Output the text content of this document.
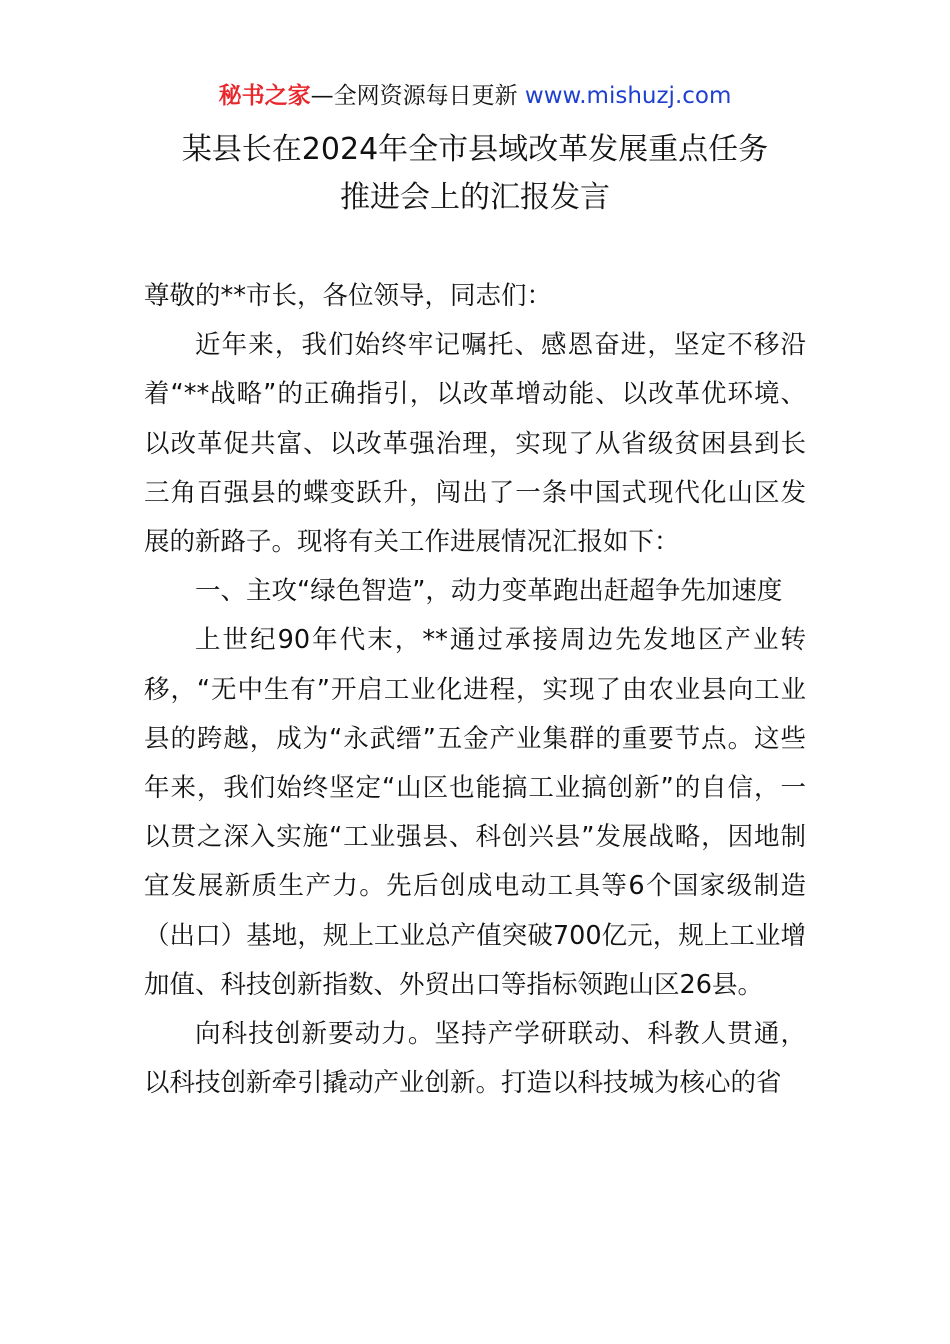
秘书之家—全网资源每日更新 www.mishuzj.com
某县长在2024年全市县域改革发展重点任务
推进会上的汇报发言

尊敬的**市长，各位领导，同志们：

近年来，我们始终牢记嘱托、感恩奋进，坚定不移沿着“**战略”的正确指引，以改革增动能、以改革优环境、以改革促共富、以改革强治理，实现了从省级贫困县到长三角百强县的蝶变跃升，闯出了一条中国式现代化山区发展的新路子。现将有关工作进展情况汇报如下：

一、主攻“绿色智造”，动力变革跑出赶超争先加速度

上世纪90年代末，**通过承接周边先发地区产业转移，“无中生有”开启工业化进程，实现了由农业县向工业县的跨越，成为“永武缙”五金产业集群的重要节点。这些年来，我们始终坚定“山区也能搞工业搞创新”的自信，一以贯之深入实施“工业强县、科创兴县”发展战略，因地制宜发展新质生产力。先后创成电动工具等6个国家级制造（出口）基地，规上工业总产值突破700亿元，规上工业增加值、科技创新指数、外贸出口等指标领跑山区26县。

向科技创新要动力。坚持产学研联动、科教人贯通，以科技创新牵引撬动产业创新。打造以科技城为核心的省
